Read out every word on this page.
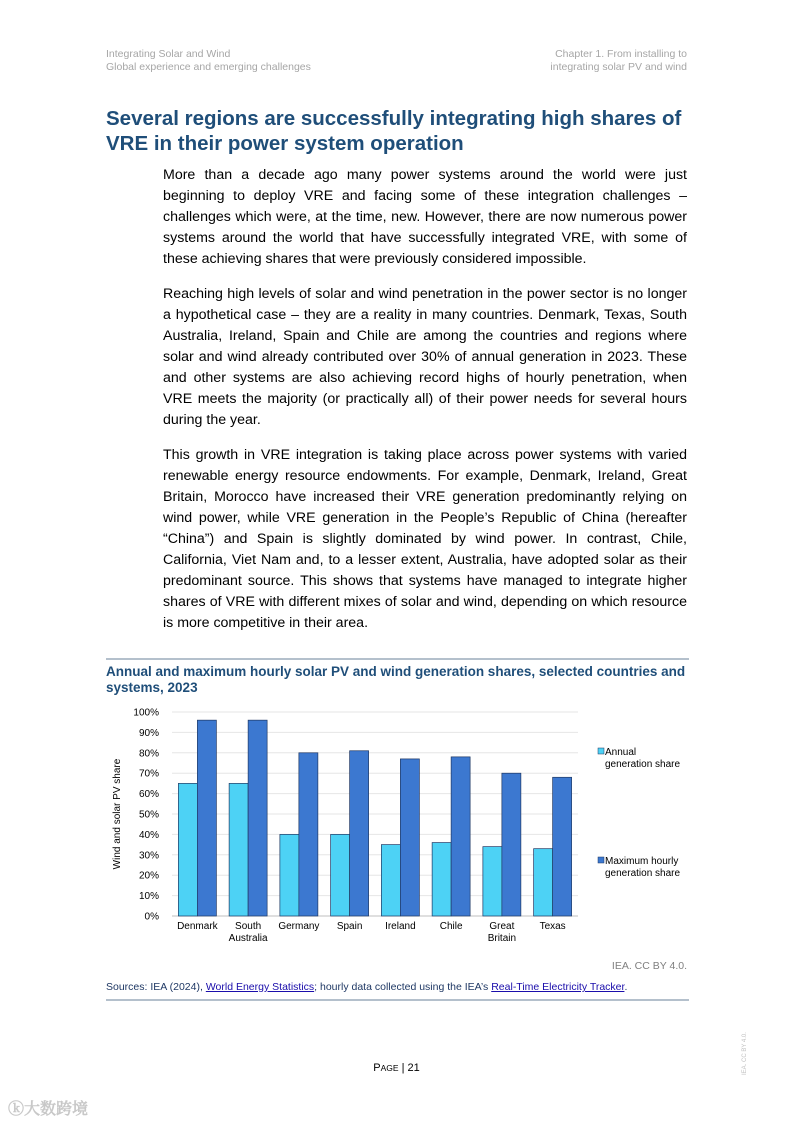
Integrating Solar and Wind
Global experience and emerging challenges
Chapter 1. From installing to
integrating solar PV and wind
Several regions are successfully integrating high shares of VRE in their power system operation

More than a decade ago many power systems around the world were just beginning to deploy VRE and facing some of these integration challenges – challenges which were, at the time, new. However, there are now numerous power systems around the world that have successfully integrated VRE, with some of these achieving shares that were previously considered impossible.

Reaching high levels of solar and wind penetration in the power sector is no longer a hypothetical case – they are a reality in many countries. Denmark, Texas, South Australia, Ireland, Spain and Chile are among the countries and regions where solar and wind already contributed over 30% of annual generation in 2023. These and other systems are also achieving record highs of hourly penetration, when VRE meets the majority (or practically all) of their power needs for several hours during the year.

This growth in VRE integration is taking place across power systems with varied renewable energy resource endowments. For example, Denmark, Ireland, Great Britain, Morocco have increased their VRE generation predominantly relying on wind power, while VRE generation in the People’s Republic of China (hereafter “China”) and Spain is slightly dominated by wind power. In contrast, Chile, California, Viet Nam and, to a lesser extent, Australia, have adopted solar as their predominant source. This shows that systems have managed to integrate higher shares of VRE with different mixes of solar and wind, depending on which resource is more competitive in their area.

Annual and maximum hourly solar PV and wind generation shares, selected countries and systems, 2023
0%
10%
20%
30%
40%
50%
60%
70%
80%
90%
100%
Wind and solar PV share
Denmark South
Australia
Germany Spain Ireland Chile	Great
Britain
Texas
Annual
generation share
Maximum hourly
generation share
IEA. CC BY 4.0.
Sources: IEA (2024), World Energy Statistics; hourly data collected using the IEA’s Real-Time Electricity Tracker.
PAGE | 21	IEA. CC BY 4.0.
ⓚ大数跨境
